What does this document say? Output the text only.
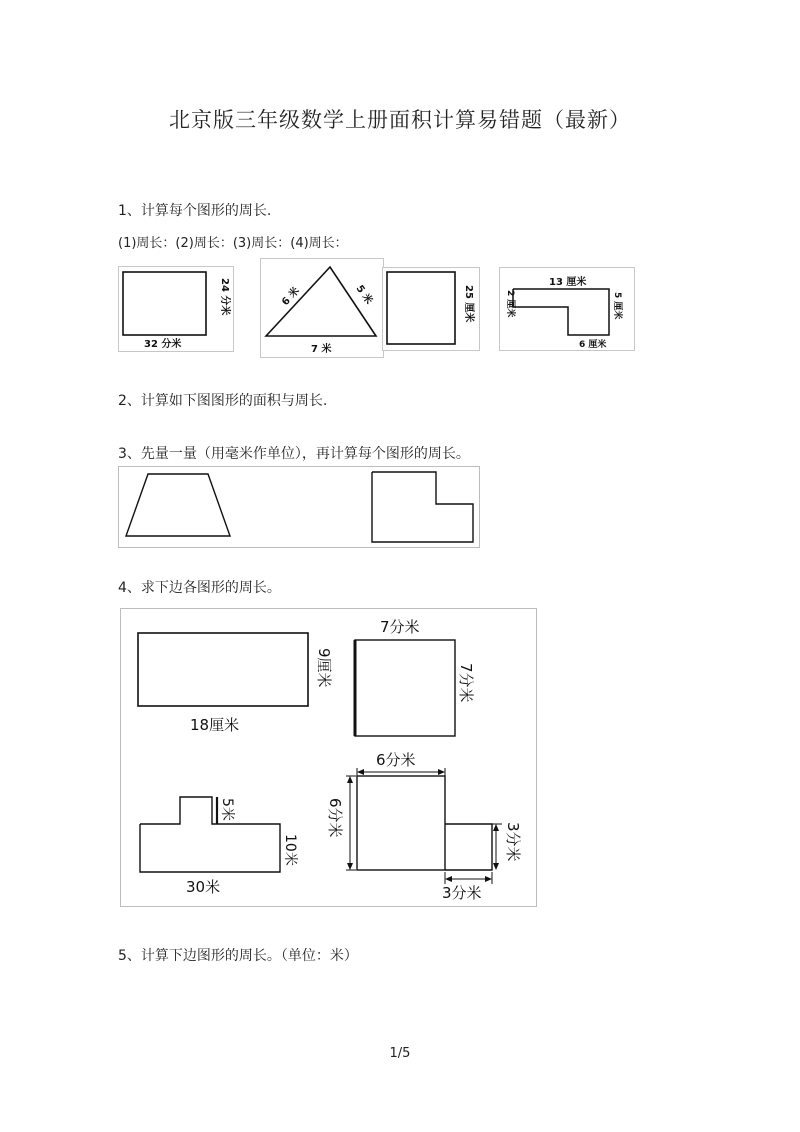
北京版三年级数学上册面积计算易错题（最新）
1、计算每个图形的周长.
(1)周长：(2)周长：(3)周长：(4)周长：
32 分米
24 分米	6 米	5 米
7 米
25 厘米
13 厘米
2 厘米	5 厘米
6 厘米
2、计算如下图图形的面积与周长.
3、先量一量（用毫米作单位），再计算每个图形的周长。
4、求下边各图形的周长。
18厘米
9厘米
7分米
7分米
5米
10米
30米
6分米
6分米
3分米
3分米
5、计算下边图形的周长。（单位：米）
1/5
